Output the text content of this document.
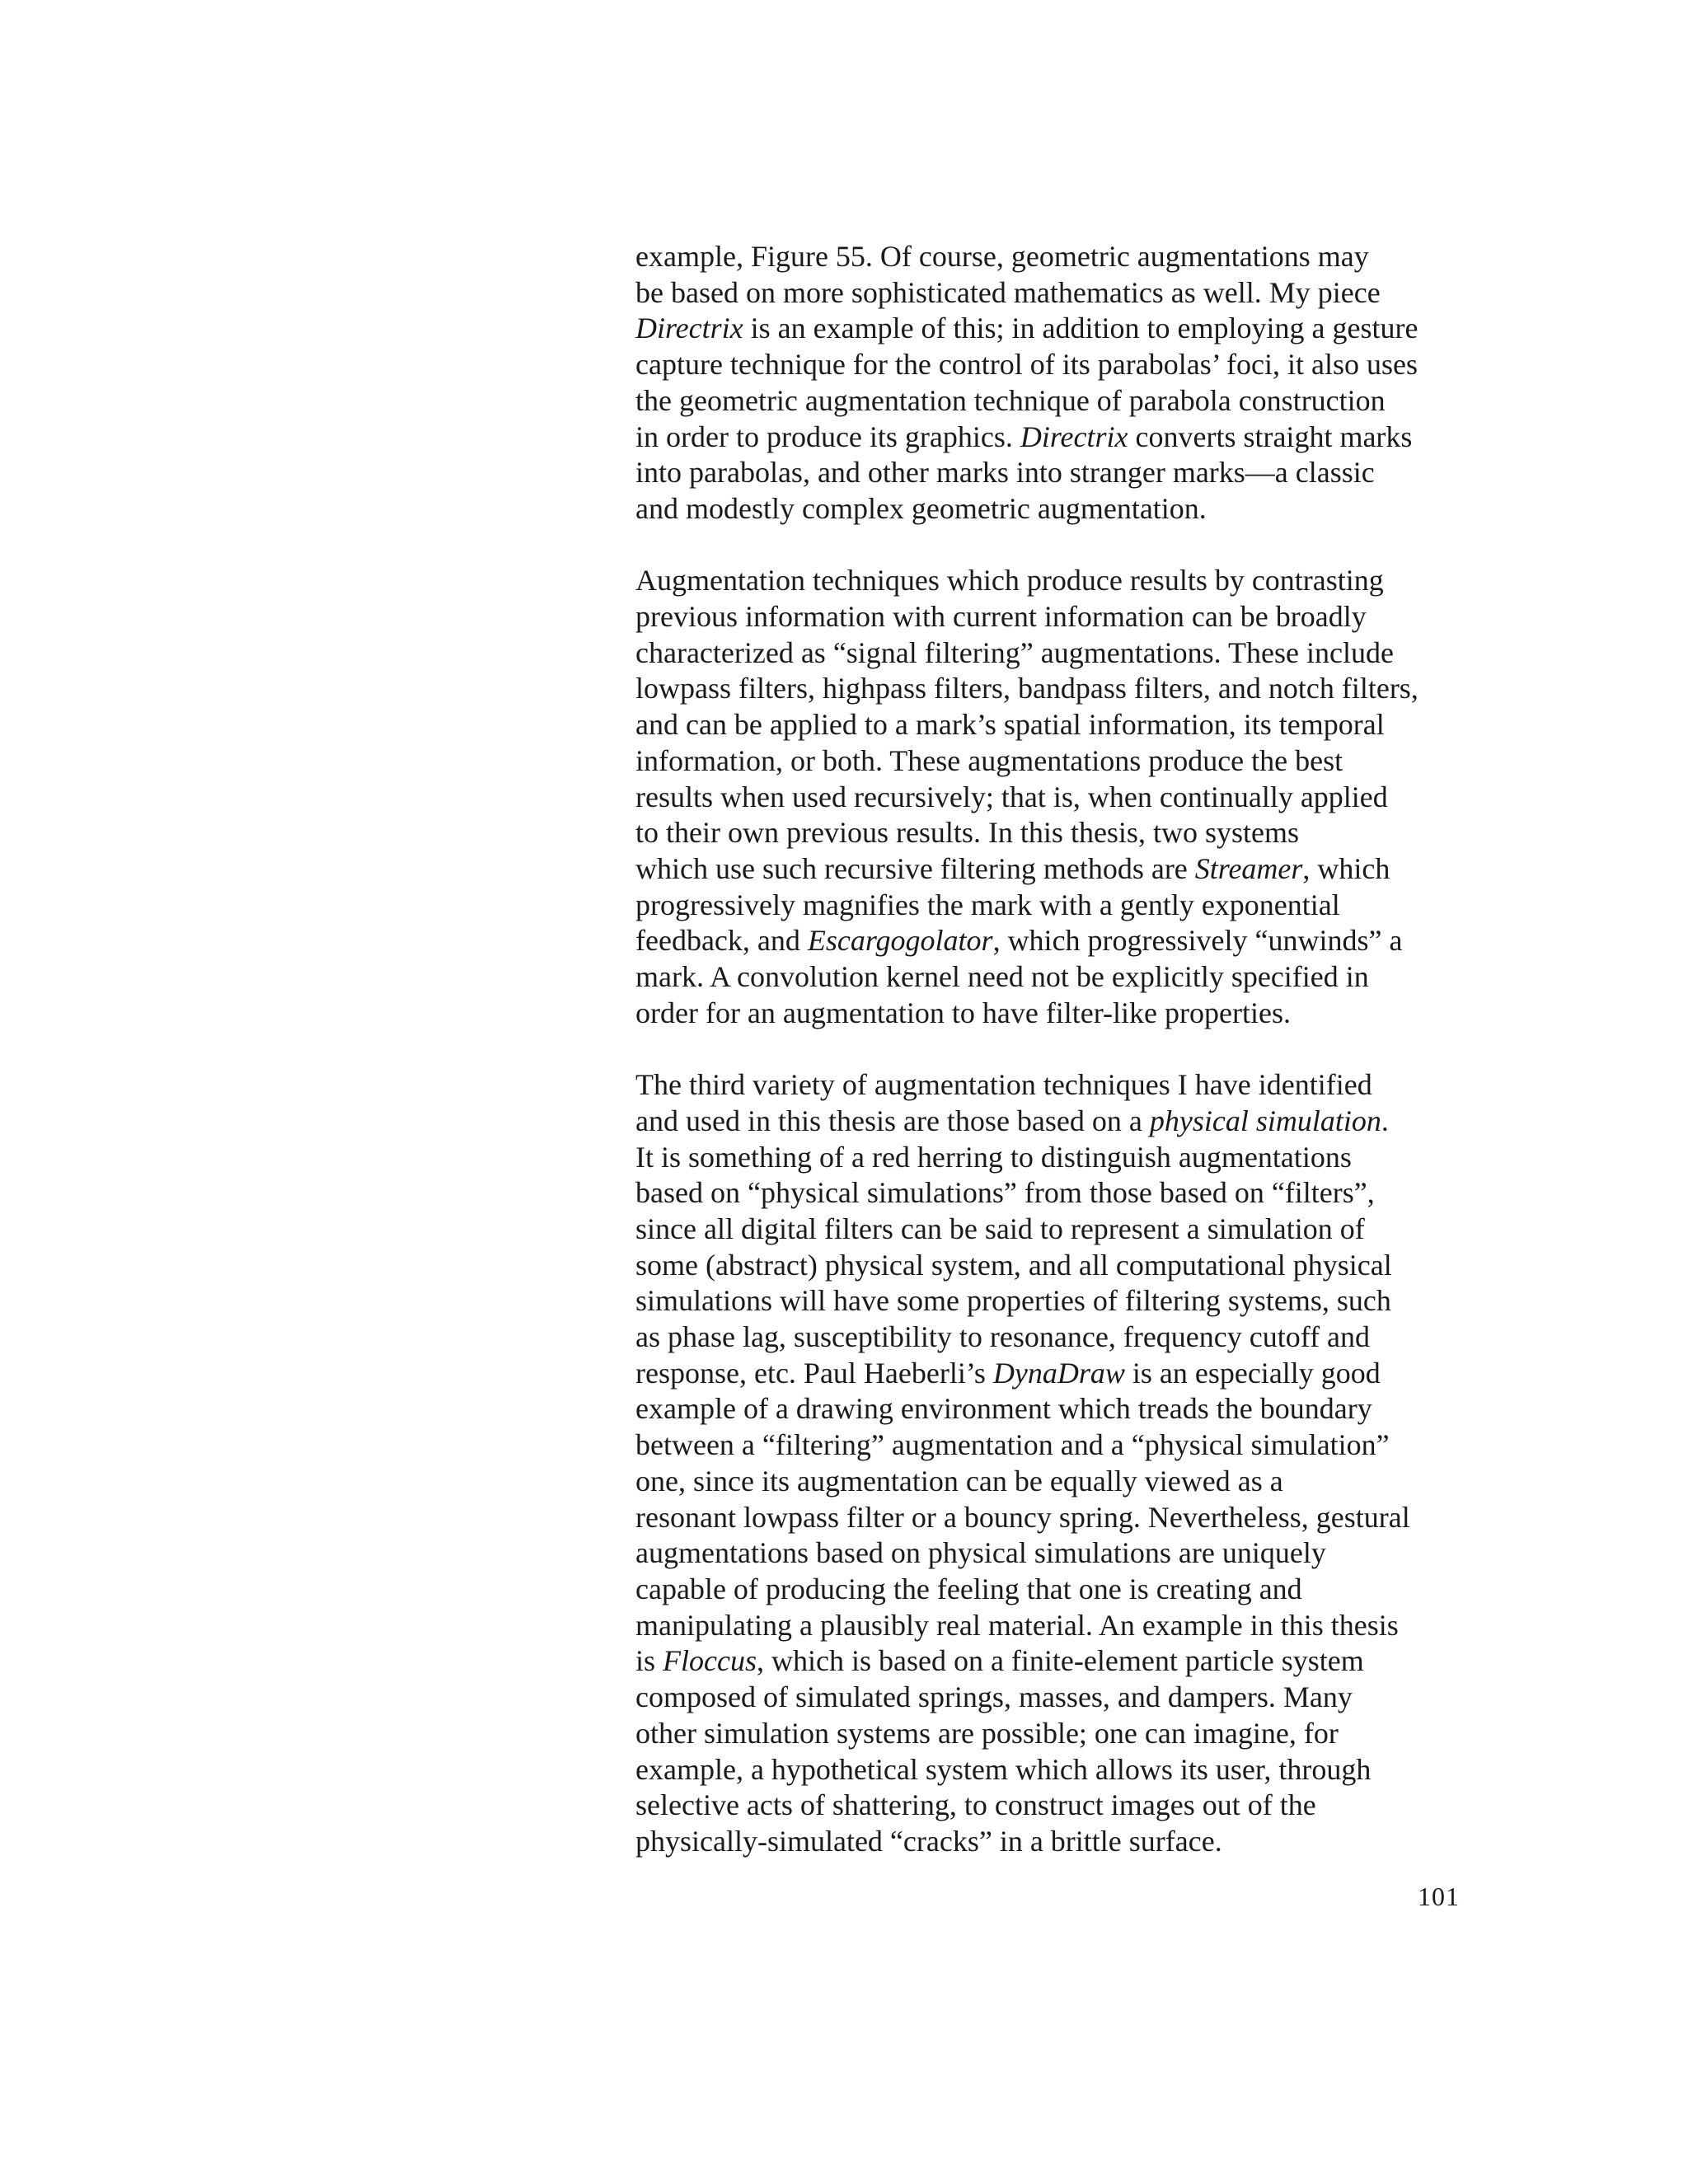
example, Figure 55. Of course, geometric augmentations may
be based on more sophisticated mathematics as well. My piece
Directrix is an example of this; in addition to employing a gesture
capture technique for the control of its parabolas’ foci, it also uses
the geometric augmentation technique of parabola construction
in order to produce its graphics. Directrix converts straight marks
into parabolas, and other marks into stranger marks—a classic
and modestly complex geometric augmentation.
Augmentation techniques which produce results by contrasting
previous information with current information can be broadly
characterized as “signal filtering” augmentations. These include
lowpass filters, highpass filters, bandpass filters, and notch filters,
and can be applied to a mark’s spatial information, its temporal
information, or both. These augmentations produce the best
results when used recursively; that is, when continually applied
to their own previous results. In this thesis, two systems
which use such recursive filtering methods are Streamer, which
progressively magnifies the mark with a gently exponential
feedback, and Escargogolator, which progressively “unwinds” a
mark. A convolution kernel need not be explicitly specified in
order for an augmentation to have filter-like properties.
The third variety of augmentation techniques I have identified
and used in this thesis are those based on a physical simulation.
It is something of a red herring to distinguish augmentations
based on “physical simulations” from those based on “filters”,
since all digital filters can be said to represent a simulation of
some (abstract) physical system, and all computational physical
simulations will have some properties of filtering systems, such
as phase lag, susceptibility to resonance, frequency cutoff and
response, etc. Paul Haeberli’s DynaDraw is an especially good
example of a drawing environment which treads the boundary
between a “filtering” augmentation and a “physical simulation”
one, since its augmentation can be equally viewed as a
resonant lowpass filter or a bouncy spring. Nevertheless, gestural
augmentations based on physical simulations are uniquely
capable of producing the feeling that one is creating and
manipulating a plausibly real material. An example in this thesis
is Floccus, which is based on a finite-element particle system
composed of simulated springs, masses, and dampers. Many
other simulation systems are possible; one can imagine, for
example, a hypothetical system which allows its user, through
selective acts of shattering, to construct images out of the
physically-simulated “cracks” in a brittle surface.
101
